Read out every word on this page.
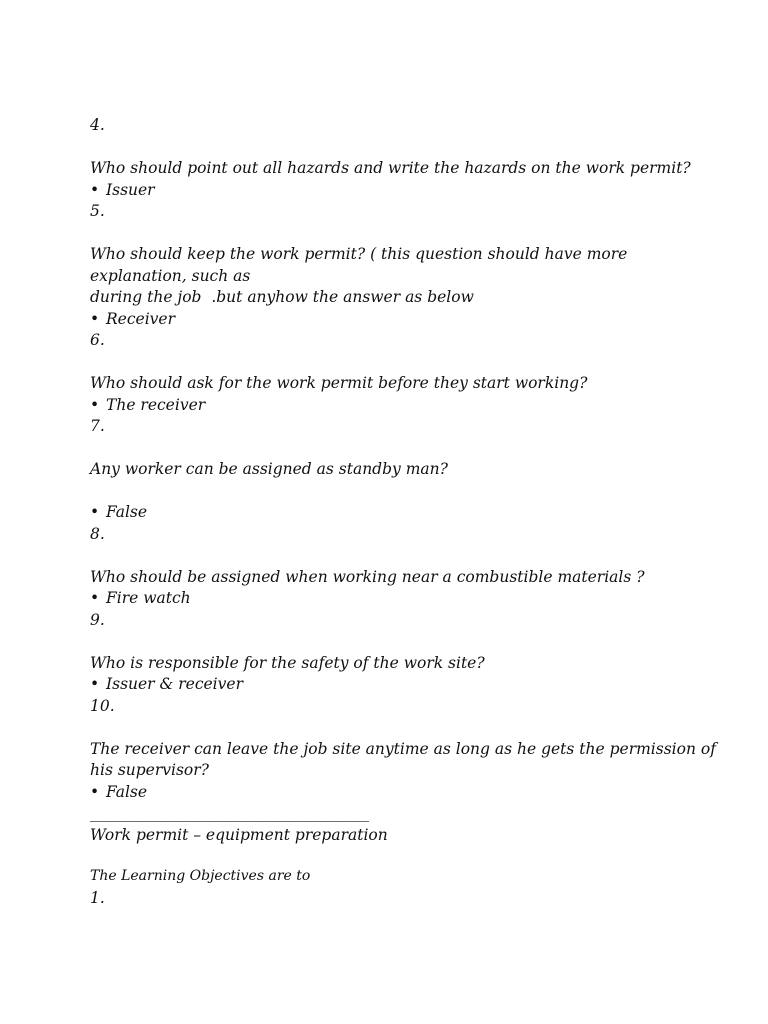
4.
Who should point out all hazards and write the hazards on the work permit?
• Issuer
5.
Who should keep the work permit? ( this question should have more
explanation, such as
during the job  .but anyhow the answer as below
• Receiver
6.
Who should ask for the work permit before they start working?
• The receiver
7.
Any worker can be assigned as standby man?
• False
8.
Who should be assigned when working near a combustible materials ?
• Fire watch
9.
Who is responsible for the safety of the work site?
• Issuer & receiver
10.
The receiver can leave the job site anytime as long as he gets the permission of
his supervisor?
• False
____________________________________
Work permit – equipment preparation
The Learning Objectives are to
1.
